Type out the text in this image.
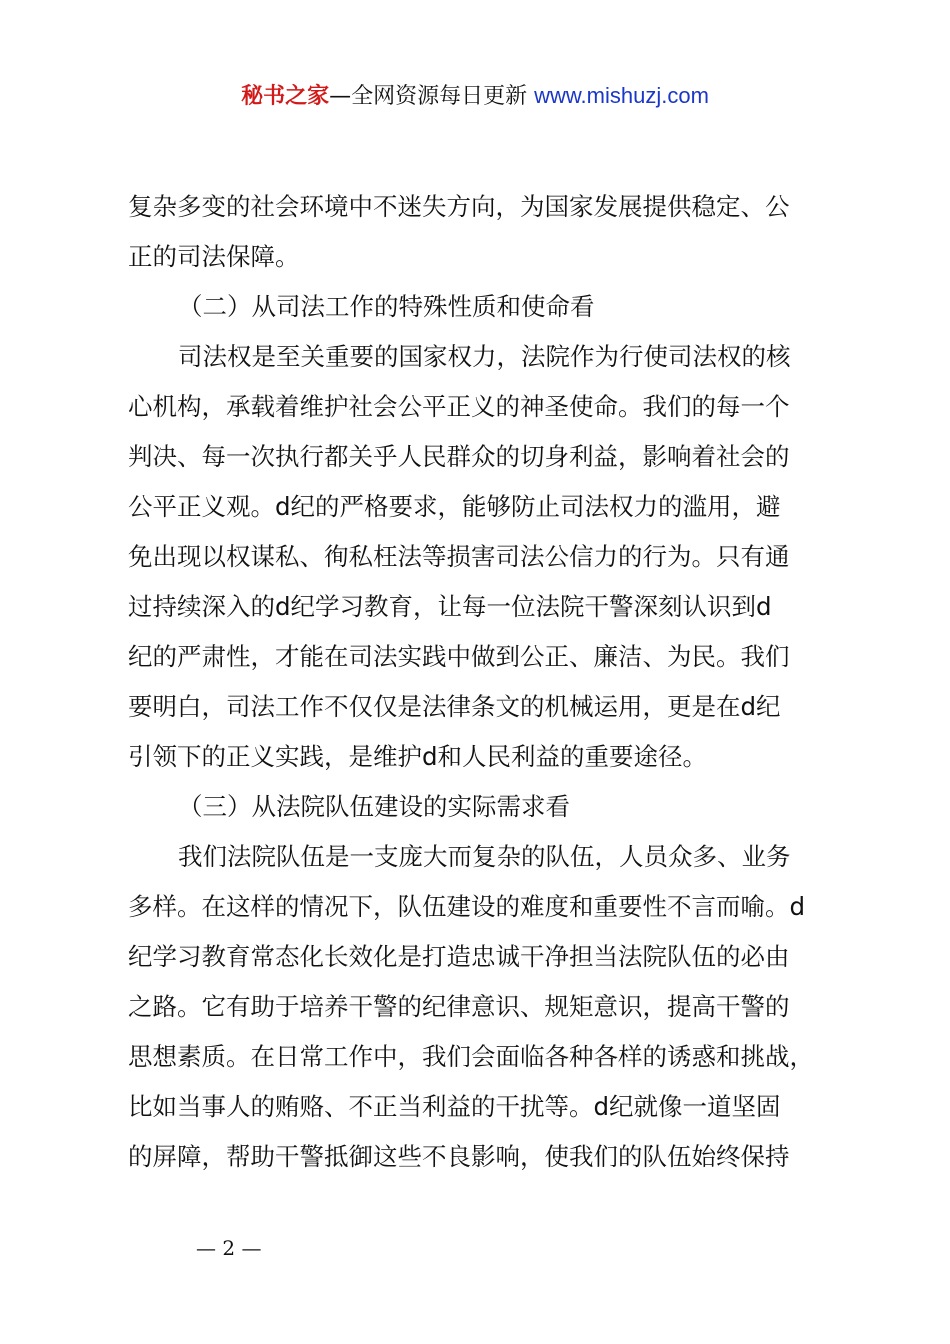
秘书之家—全网资源每日更新 www.mishuzj.com
复杂多变的社会环境中不迷失方向，为国家发展提供稳定、公
正的司法保障。
（二）从司法工作的特殊性质和使命看
司法权是至关重要的国家权力，法院作为行使司法权的核
心机构，承载着维护社会公平正义的神圣使命。我们的每一个
判决、每一次执行都关乎人民群众的切身利益，影响着社会的
公平正义观。d纪的严格要求，能够防止司法权力的滥用，避
免出现以权谋私、徇私枉法等损害司法公信力的行为。只有通
过持续深入的d纪学习教育，让每一位法院干警深刻认识到d
纪的严肃性，才能在司法实践中做到公正、廉洁、为民。我们
要明白，司法工作不仅仅是法律条文的机械运用，更是在d纪
引领下的正义实践，是维护d和人民利益的重要途径。
（三）从法院队伍建设的实际需求看
我们法院队伍是一支庞大而复杂的队伍，人员众多、业务
多样。在这样的情况下，队伍建设的难度和重要性不言而喻。d
纪学习教育常态化长效化是打造忠诚干净担当法院队伍的必由
之路。它有助于培养干警的纪律意识、规矩意识，提高干警的
思想素质。在日常工作中，我们会面临各种各样的诱惑和挑战，
比如当事人的贿赂、不正当利益的干扰等。d纪就像一道坚固
的屏障，帮助干警抵御这些不良影响，使我们的队伍始终保持
— 2 —
